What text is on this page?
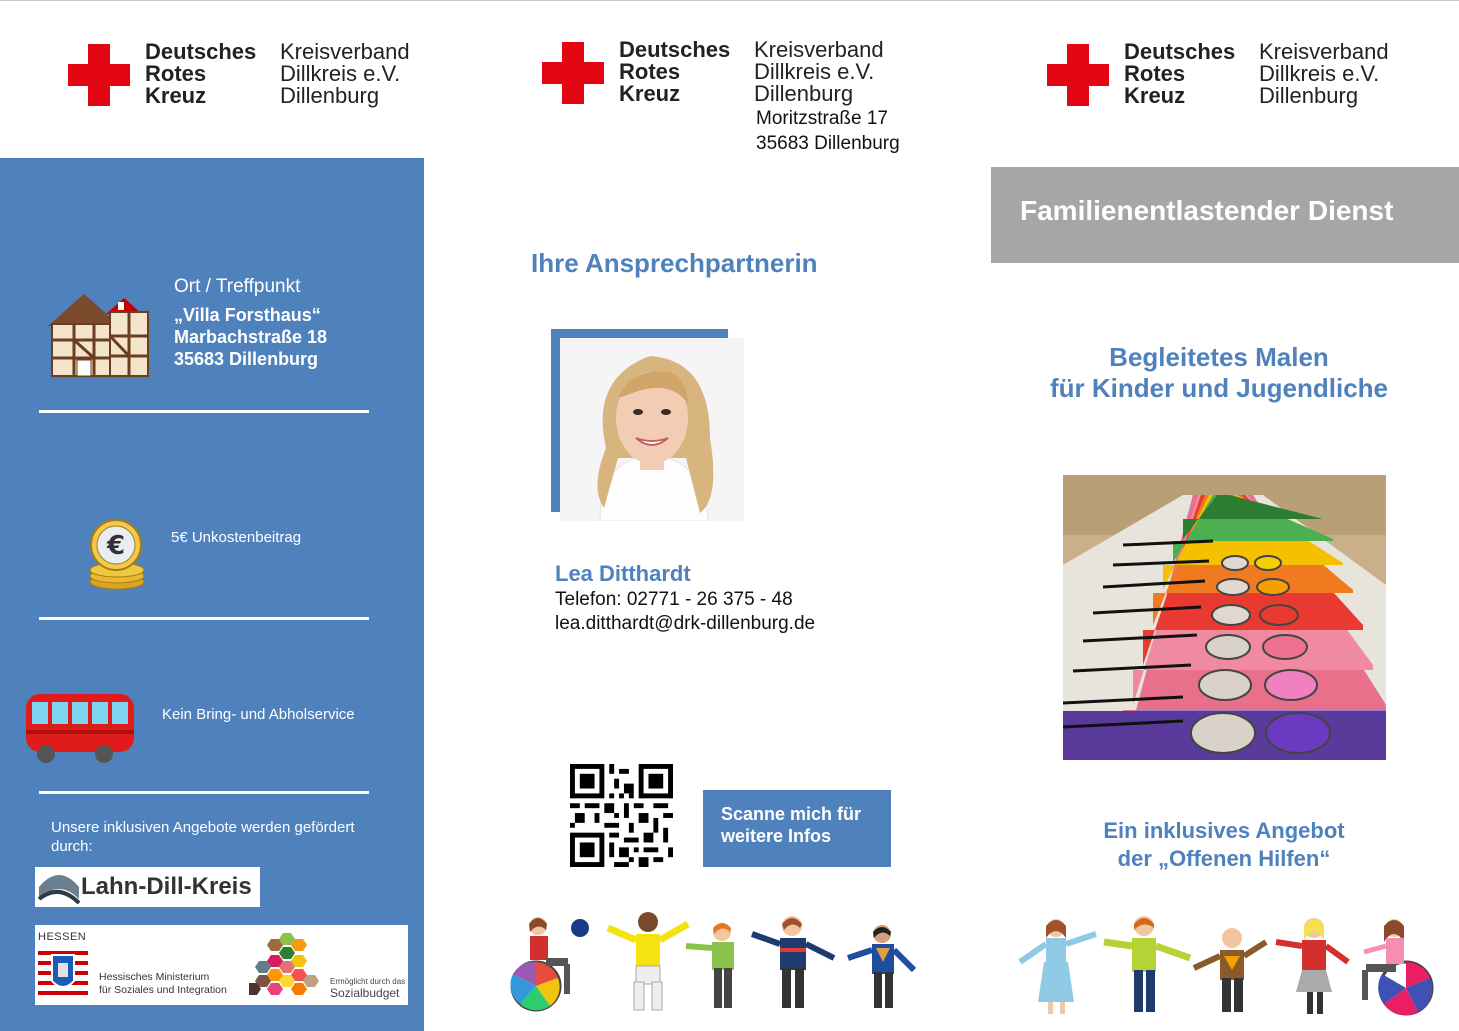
Deutsches
Rotes
Kreuz
Kreisverband
Dillkreis e.V.
Dillenburg
Deutsches
Rotes
Kreuz
Kreisverband
Dillkreis e.V.
Dillenburg
Moritzstraße 17
35683 Dillenburg
Deutsches
Rotes
Kreuz
Kreisverband
Dillkreis e.V.
Dillenburg
Ort / Treffpunkt
„Villa Forsthaus“
Marbachstraße 18
35683 Dillenburg
€	5€ Unkostenbeitrag
Kein Bring- und Abholservice
Unsere inklusiven Angebote werden gefördert durch:
Lahn-Dill-Kreis
HESSEN
Hessisches Ministerium
für Soziales und Integration
Ermöglicht durch das
Sozialbudget
Ihre Ansprechpartnerin
Lea Ditthardt
Telefon: 02771 - 26 375 - 48
lea.ditthardt@drk-dillenburg.de
Scanne mich für
weitere Infos
Familienentlastender Dienst
Begleitetes Malen
für Kinder und Jugendliche
Ein inklusives Angebot
der „Offenen Hilfen“
